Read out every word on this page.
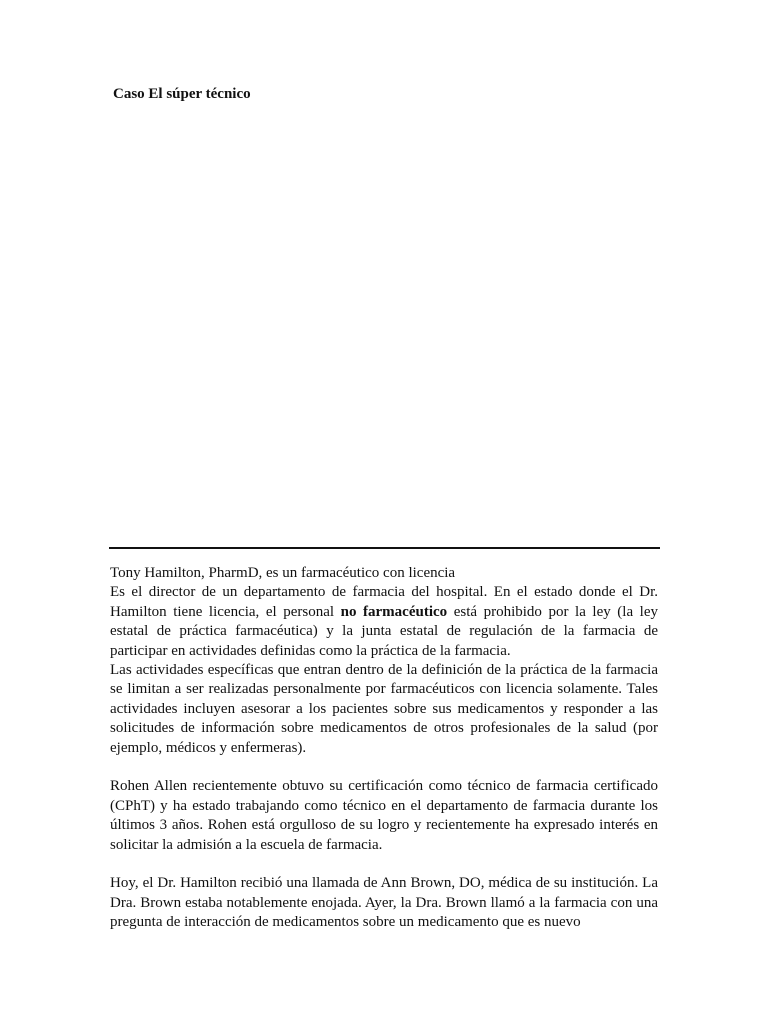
Caso El súper técnico

Tony Hamilton, PharmD, es un farmacéutico con licencia

Es el director de un departamento de farmacia del hospital. En el estado donde el Dr. Hamilton tiene licencia, el personal no farmacéutico está prohibido por la ley (la ley estatal de práctica farmacéutica) y la junta estatal de regulación de la farmacia de participar en actividades definidas como la práctica de la farmacia.

Las actividades específicas que entran dentro de la definición de la práctica de la farmacia se limitan a ser realizadas personalmente por farmacéuticos con licencia solamente. Tales actividades incluyen asesorar a los pacientes sobre sus medicamentos y responder a las solicitudes de información sobre medicamentos de otros profesionales de la salud (por ejemplo, médicos y enfermeras).

Rohen Allen recientemente obtuvo su certificación como técnico de farmacia certificado (CPhT) y ha estado trabajando como técnico en el departamento de farmacia durante los últimos 3 años. Rohen está orgulloso de su logro y recientemente ha expresado interés en solicitar la admisión a la escuela de farmacia.

Hoy, el Dr. Hamilton recibió una llamada de Ann Brown, DO, médica de su institución. La Dra. Brown estaba notablemente enojada. Ayer, la Dra. Brown llamó a la farmacia con una pregunta de interacción de medicamentos sobre un medicamento que es nuevo
